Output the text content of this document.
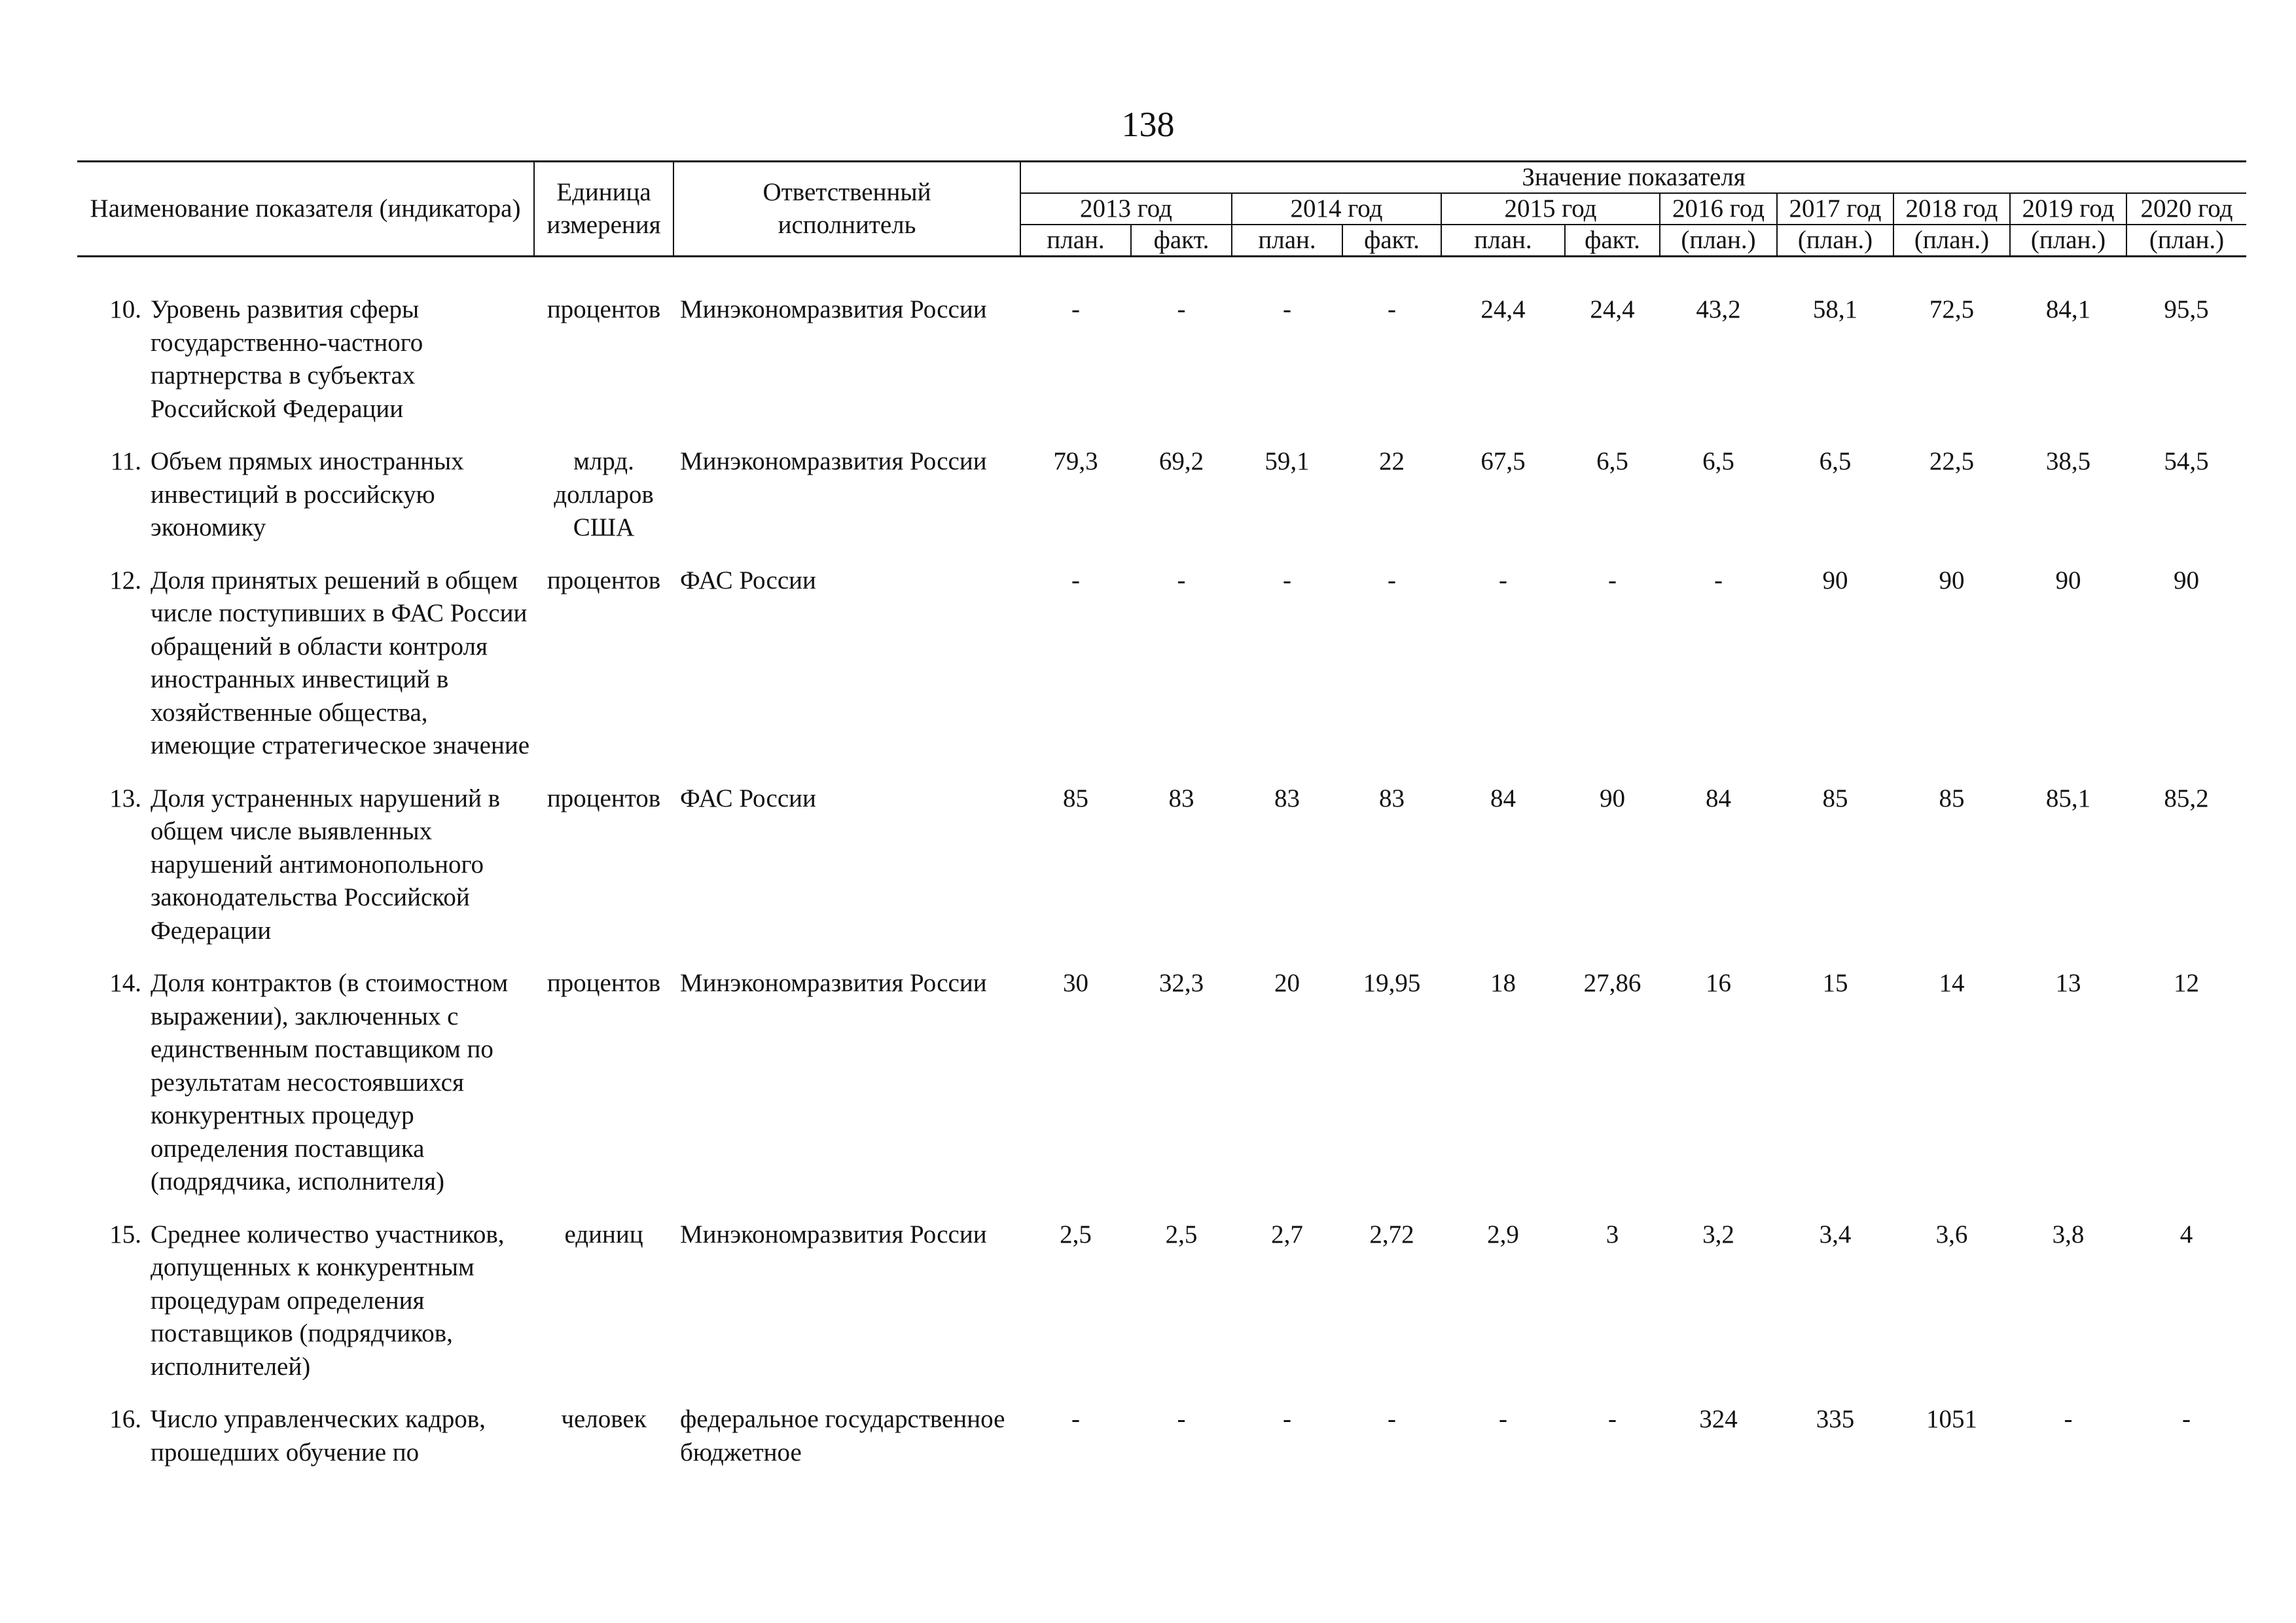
138
Наименование показателя (индикатора)	Единица измерения	Ответственный исполнитель	Значение показателя										
			2013 год		2014 год		2015 год		2016 год	2017 год	2018 год	2019 год	2020 год
			план.	факт.	план.	факт.	план.	факт.	(план.)	(план.)	(план.)	(план.)	(план.)
10.	Уровень развития сферы государственно-частного партнерства в субъектах Российской Федерации	процентов	Минэкономразвития России	-	-	-	-	24,4	24,4	43,2	58,1	72,5	84,1	95,5
11.	Объем прямых иностранных инвестиций в российскую экономику	млрд. долларов США	Минэкономразвития России	79,3	69,2	59,1	22	67,5	6,5	6,5	6,5	22,5	38,5	54,5
12.	Доля принятых решений в общем числе поступивших в ФАС России обращений в области контроля иностранных инвестиций в хозяйственные общества, имеющие стратегическое значение	процентов	ФАС России	-	-	-	-	-	-	-	90	90	90	90
13.	Доля устраненных нарушений в общем числе выявленных нарушений антимонопольного законодательства Российской Федерации	процентов	ФАС России	85	83	83	83	84	90	84	85	85	85,1	85,2
14.	Доля контрактов (в стоимостном выражении), заключенных с единственным поставщиком по результатам несостоявшихся конкурентных процедур определения поставщика (подрядчика, исполнителя)	процентов	Минэкономразвития России	30	32,3	20	19,95	18	27,86	16	15	14	13	12
15.	Среднее количество участников, допущенных к конкурентным процедурам определения поставщиков (подрядчиков, исполнителей)	единиц	Минэкономразвития России	2,5	2,5	2,7	2,72	2,9	3	3,2	3,4	3,6	3,8	4
16.	Число управленческих кадров, прошедших обучение по	человек	федеральное государственное бюджетное	-	-	-	-	-	-	324	335	1051	-	-
